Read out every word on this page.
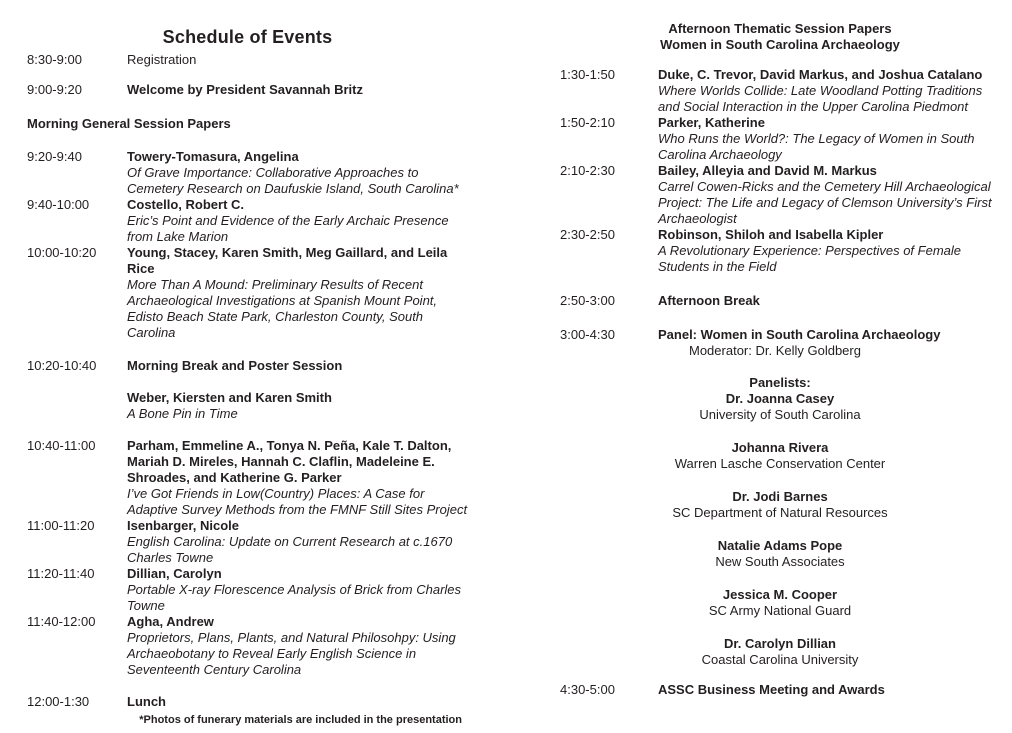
Schedule of Events
8:30-9:00	Registration
9:00-9:20	Welcome by President Savannah Britz
Morning General Session Papers
9:20-9:40	Towery-Tomasura, Angelina
Of Grave Importance: Collaborative Approaches to Cemetery Research on Daufuskie Island, South Carolina*
9:40-10:00	Costello, Robert C.
Eric’s Point and Evidence of the Early Archaic Presence from Lake Marion
10:00-10:20	Young, Stacey, Karen Smith, Meg Gaillard, and Leila Rice
More Than A Mound: Preliminary Results of Recent Archaeological Investigations at Spanish Mount Point, Edisto Beach State Park, Charleston County, South Carolina
10:20-10:40	Morning Break and Poster Session
Weber, Kiersten and Karen Smith
A Bone Pin in Time
10:40-11:00	Parham, Emmeline A., Tonya N. Peña, Kale T. Dalton, Mariah D. Mireles, Hannah C. Claflin, Madeleine E. Shroades, and Katherine G. Parker
I’ve Got Friends in Low(Country) Places: A Case for Adaptive Survey Methods from the FMNF Still Sites Project
11:00-11:20	Isenbarger, Nicole
English Carolina: Update on Current Research at c.1670 Charles Towne
11:20-11:40	Dillian, Carolyn
Portable X-ray Florescence Analysis of Brick from Charles Towne
11:40-12:00	Agha, Andrew
Proprietors, Plans, Plants, and Natural Philosohpy: Using Archaeobotany to Reveal Early English Science in Seventeenth Century Carolina
12:00-1:30	Lunch
*Photos of funerary materials are included in the presentation
Afternoon Thematic Session Papers
Women in South Carolina Archaeology
1:30-1:50	Duke, C. Trevor, David Markus, and Joshua Catalano
Where Worlds Collide: Late Woodland Potting Traditions and Social Interaction in the Upper Carolina Piedmont
1:50-2:10	Parker, Katherine
Who Runs the World?: The Legacy of Women in South Carolina Archaeology
2:10-2:30	Bailey, Alleyia and David M. Markus
Carrel Cowen-Ricks and the Cemetery Hill Archaeological Project: The Life and Legacy of Clemson University’s First Archaeologist
2:30-2:50	Robinson, Shiloh and Isabella Kipler
A Revolutionary Experience: Perspectives of Female Students in the Field
2:50-3:00	Afternoon Break
3:00-4:30	Panel: Women in South Carolina Archaeology
Moderator: Dr. Kelly Goldberg
Panelists:
Dr. Joanna Casey
University of South Carolina
Johanna Rivera
Warren Lasche Conservation Center
Dr. Jodi Barnes
SC Department of Natural Resources
Natalie Adams Pope
New South Associates
Jessica M. Cooper
SC Army National Guard
Dr. Carolyn Dillian
Coastal Carolina University
4:30-5:00	ASSC Business Meeting and Awards
